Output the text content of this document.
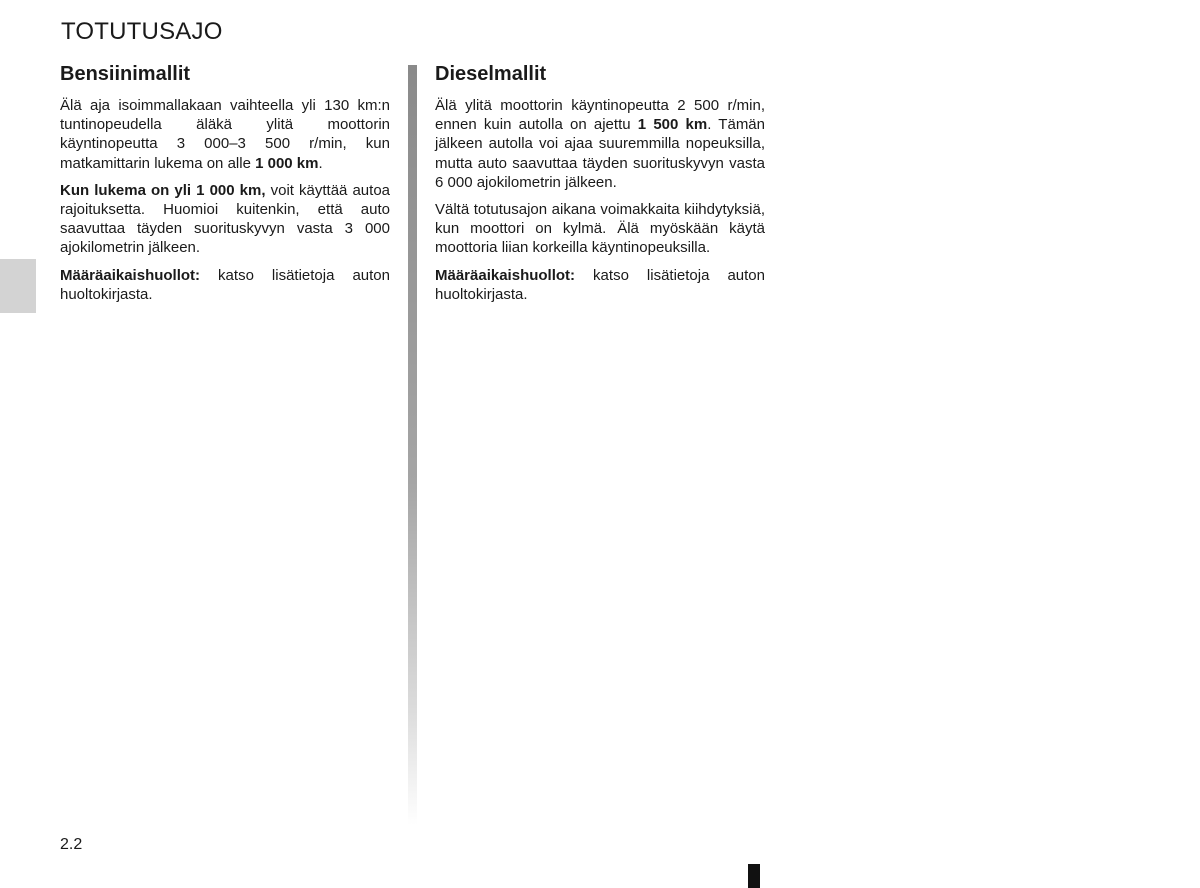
TOTUTUSAJO
Bensiinimallit

Älä aja isoimmallakaan vaihteella yli 130 km:n tuntinopeudella äläkä ylitä moottorin käyntinopeutta 3 000–3 500 r/min, kun matkamittarin lukema on alle 1 000 km.

Kun lukema on yli 1 000 km, voit käyttää autoa rajoituksetta. Huomioi kuitenkin, että auto saavuttaa täyden suorituskyvyn vasta 3 000 ajokilometrin jälkeen.

Määräaikaishuollot: katso lisätietoja auton huoltokirjasta.

Dieselmallit

Älä ylitä moottorin käyntinopeutta 2 500 r/min, ennen kuin autolla on ajettu 1 500 km. Tämän jälkeen autolla voi ajaa suuremmilla nopeuksilla, mutta auto saavuttaa täyden suorituskyvyn vasta 6 000 ajokilometrin jälkeen.

Vältä totutusajon aikana voimakkaita kiihdytyksiä, kun moottori on kylmä. Älä myöskään käytä moottoria liian korkeilla käyntinopeuksilla.

Määräaikaishuollot: katso lisätietoja auton huoltokirjasta.

2.2
